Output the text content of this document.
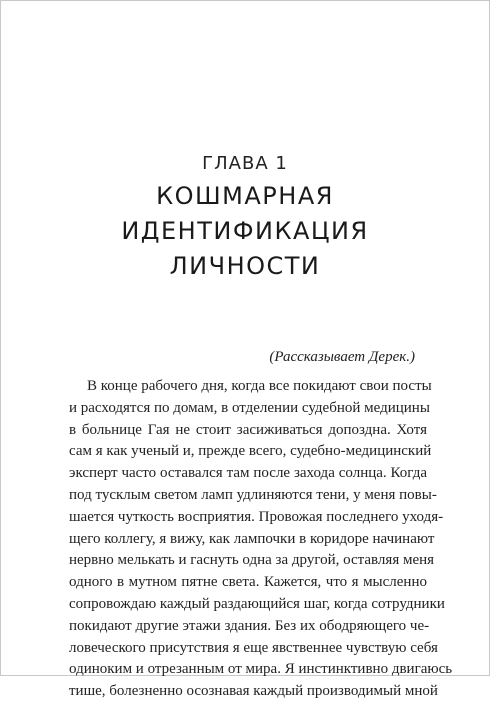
ГЛАВА 1
КОШМАРНАЯ
ИДЕНТИФИКАЦИЯ
ЛИЧНОСТИ
(Рассказывает Дерек.)
В конце рабочего дня, когда все покидают свои посты
и расходятся по домам, в отделении судебной медицины
в больнице Гая не стоит засиживаться допоздна. Хотя
сам я как ученый и, прежде всего, судебно-медицинский
эксперт часто оставался там после захода солнца. Когда
под тусклым светом ламп удлиняются тени, у меня повы-
шается чуткость восприятия. Провожая последнего уходя-
щего коллегу, я вижу, как лампочки в коридоре начинают
нервно мелькать и гаснуть одна за другой, оставляя меня
одного в мутном пятне света. Кажется, что я мысленно
сопровождаю каждый раздающийся шаг, когда сотрудники
покидают другие этажи здания. Без их ободряющего че-
ловеческого присутствия я еще явственнее чувствую себя
одиноким и отрезанным от мира. Я инстинктивно двигаюсь
тише, болезненно осознавая каждый производимый мной
